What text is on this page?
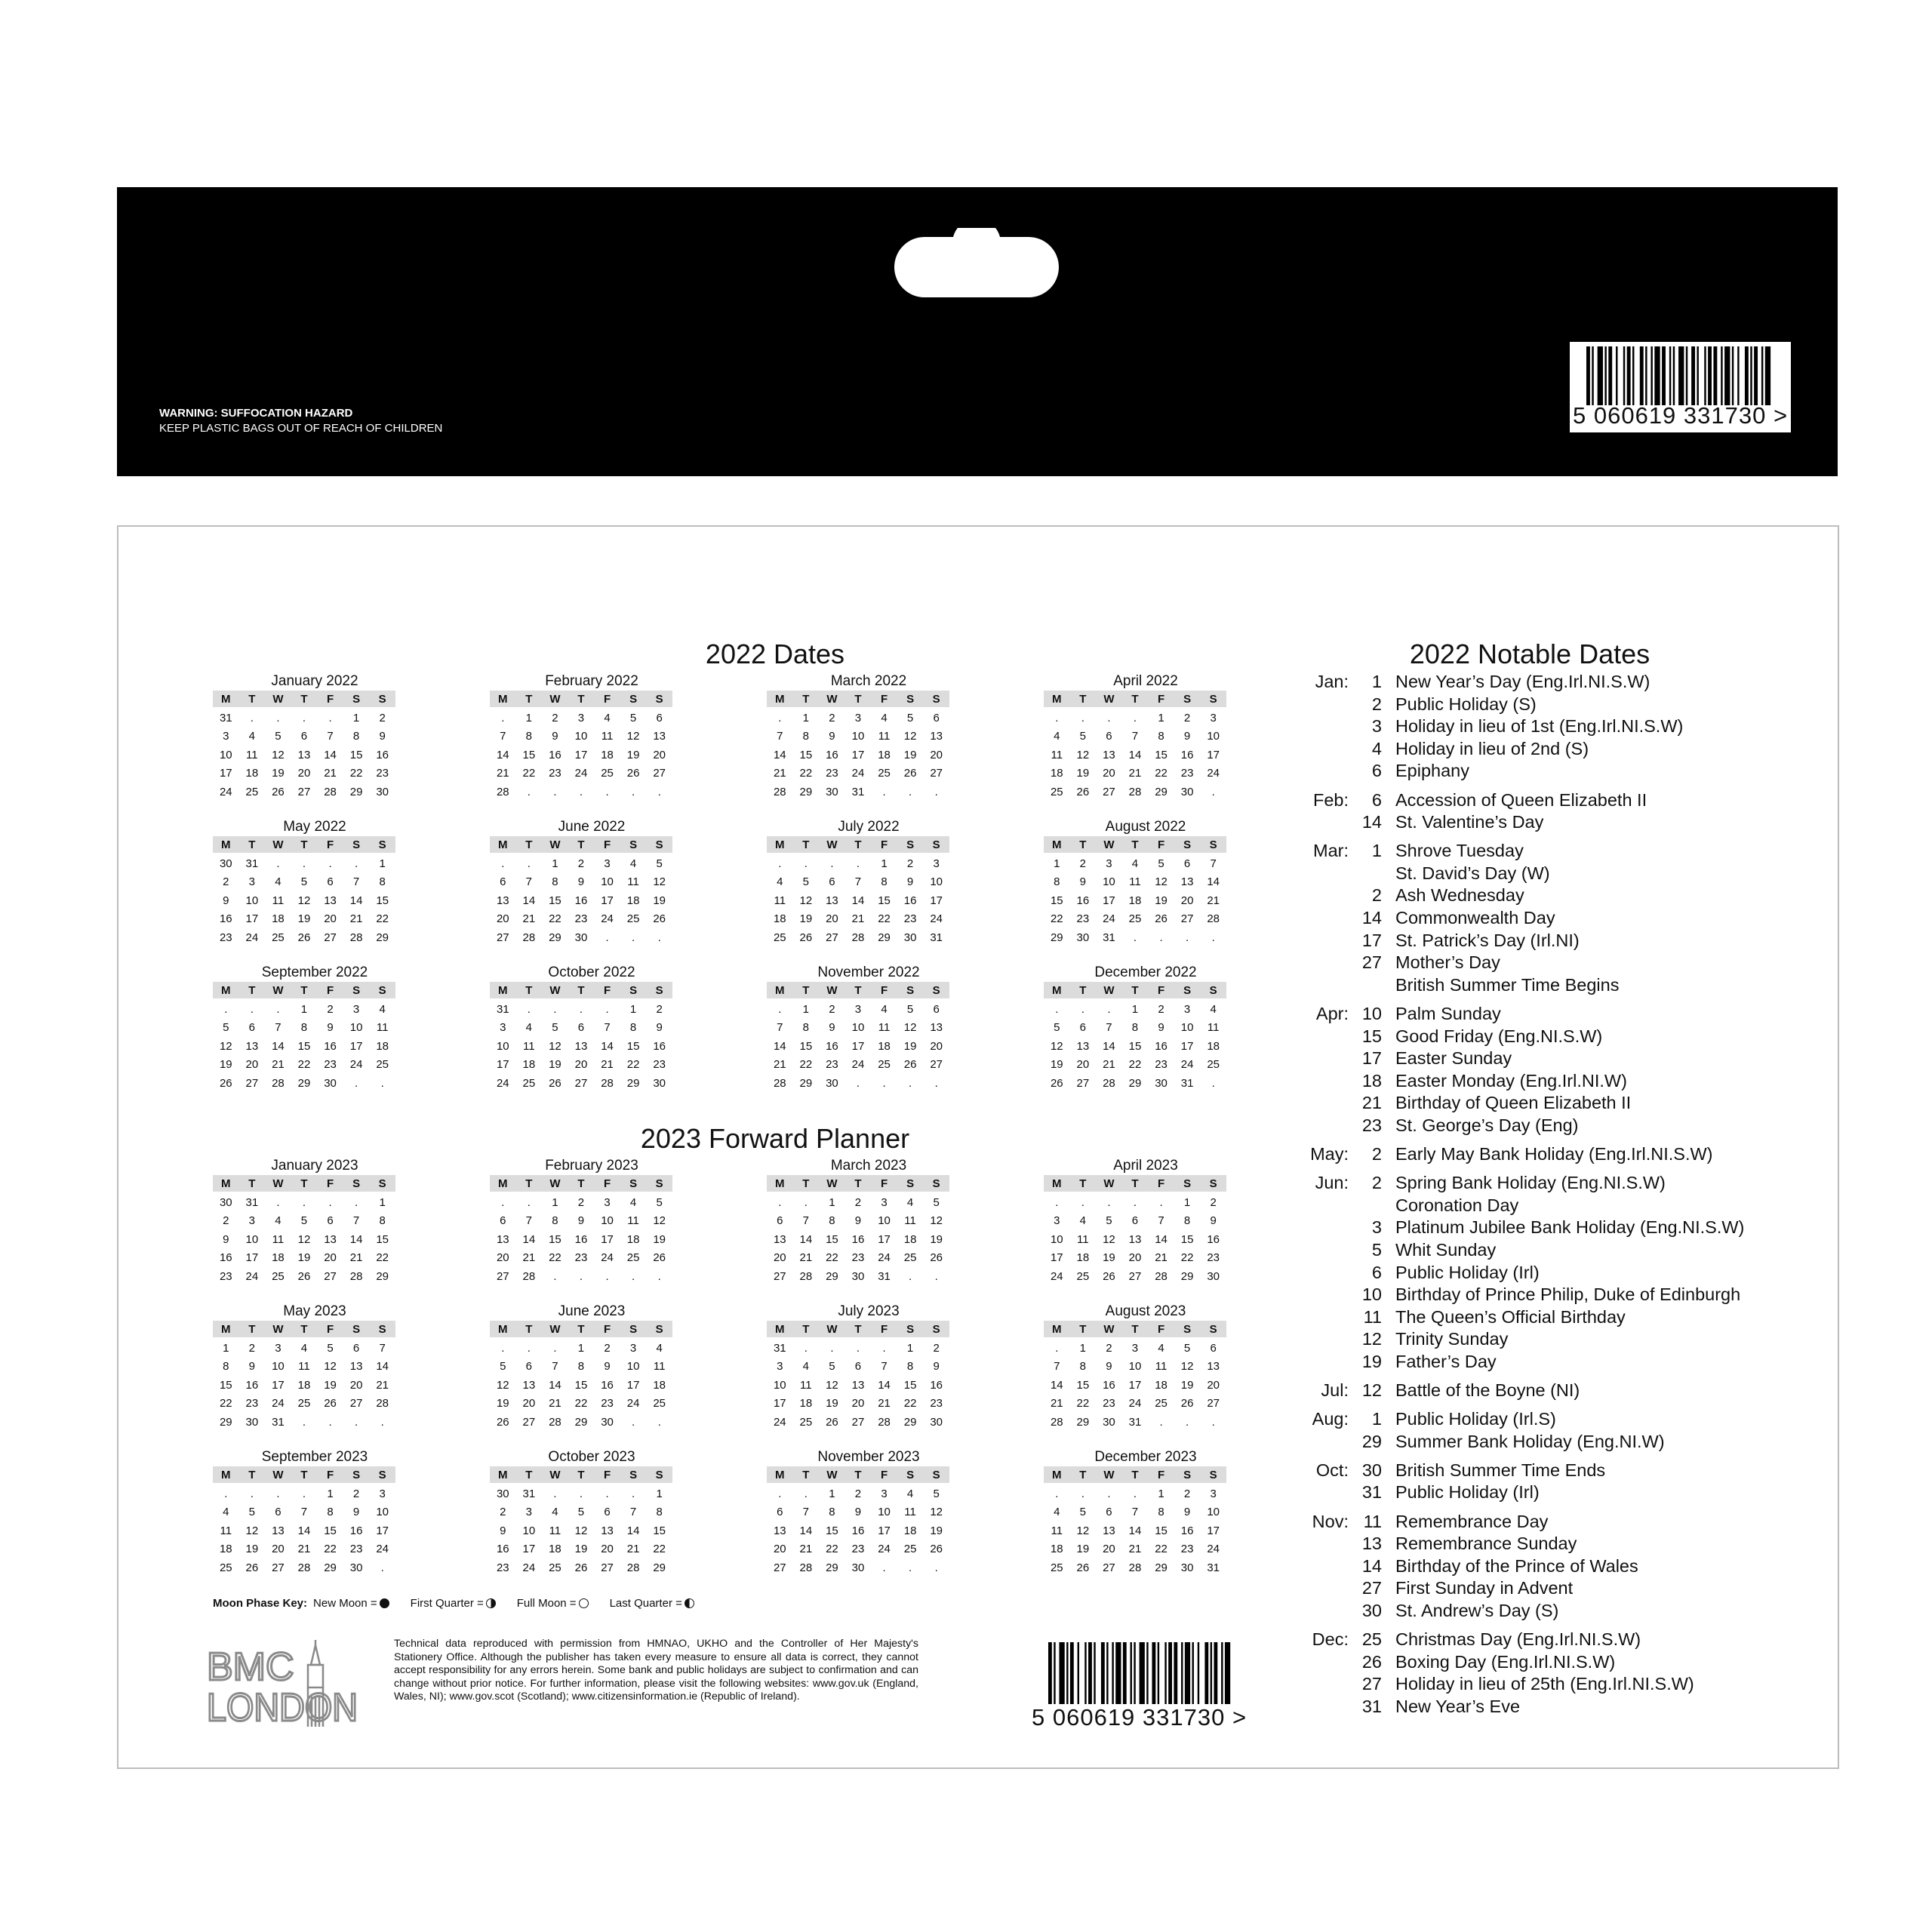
WARNING: SUFFOCATION HAZARD
KEEP PLASTIC BAGS OUT OF REACH OF CHILDREN	5 060619 331730 >
2022 Dates
January 2022
M	T	W	T	F	S	S
31	.	.	.	.	1	2
3	4	5	6	7	8	9
10	11	12	13	14	15	16
17	18	19	20	21	22	23
24	25	26	27	28	29	30
February 2022
M	T	W	T	F	S	S
.	1	2	3	4	5	6
7	8	9	10	11	12	13
14	15	16	17	18	19	20
21	22	23	24	25	26	27
28	.	.	.	.	.	.
March 2022
M	T	W	T	F	S	S
.	1	2	3	4	5	6
7	8	9	10	11	12	13
14	15	16	17	18	19	20
21	22	23	24	25	26	27
28	29	30	31	.	.	.
April 2022
M	T	W	T	F	S	S
.	.	.	.	1	2	3
4	5	6	7	8	9	10
11	12	13	14	15	16	17
18	19	20	21	22	23	24
25	26	27	28	29	30	.
May 2022
M	T	W	T	F	S	S
30	31	.	.	.	.	1
2	3	4	5	6	7	8
9	10	11	12	13	14	15
16	17	18	19	20	21	22
23	24	25	26	27	28	29
June 2022
M	T	W	T	F	S	S
.	.	1	2	3	4	5
6	7	8	9	10	11	12
13	14	15	16	17	18	19
20	21	22	23	24	25	26
27	28	29	30	.	.	.
July 2022
M	T	W	T	F	S	S
.	.	.	.	1	2	3
4	5	6	7	8	9	10
11	12	13	14	15	16	17
18	19	20	21	22	23	24
25	26	27	28	29	30	31
August 2022
M	T	W	T	F	S	S
1	2	3	4	5	6	7
8	9	10	11	12	13	14
15	16	17	18	19	20	21
22	23	24	25	26	27	28
29	30	31	.	.	.	.
September 2022
M	T	W	T	F	S	S
.	.	.	1	2	3	4
5	6	7	8	9	10	11
12	13	14	15	16	17	18
19	20	21	22	23	24	25
26	27	28	29	30	.	.
October 2022
M	T	W	T	F	S	S
31	.	.	.	.	1	2
3	4	5	6	7	8	9
10	11	12	13	14	15	16
17	18	19	20	21	22	23
24	25	26	27	28	29	30
November 2022
M	T	W	T	F	S	S
.	1	2	3	4	5	6
7	8	9	10	11	12	13
14	15	16	17	18	19	20
21	22	23	24	25	26	27
28	29	30	.	.	.	.
December 2022
M	T	W	T	F	S	S
.	.	.	1	2	3	4
5	6	7	8	9	10	11
12	13	14	15	16	17	18
19	20	21	22	23	24	25
26	27	28	29	30	31	.
2023 Forward Planner
January 2023
M	T	W	T	F	S	S
30	31	.	.	.	.	1
2	3	4	5	6	7	8
9	10	11	12	13	14	15
16	17	18	19	20	21	22
23	24	25	26	27	28	29
February 2023
M	T	W	T	F	S	S
.	.	1	2	3	4	5
6	7	8	9	10	11	12
13	14	15	16	17	18	19
20	21	22	23	24	25	26
27	28	.	.	.	.	.
March 2023
M	T	W	T	F	S	S
.	.	1	2	3	4	5
6	7	8	9	10	11	12
13	14	15	16	17	18	19
20	21	22	23	24	25	26
27	28	29	30	31	.	.
April 2023
M	T	W	T	F	S	S
.	.	.	.	.	1	2
3	4	5	6	7	8	9
10	11	12	13	14	15	16
17	18	19	20	21	22	23
24	25	26	27	28	29	30
May 2023
M	T	W	T	F	S	S
1	2	3	4	5	6	7
8	9	10	11	12	13	14
15	16	17	18	19	20	21
22	23	24	25	26	27	28
29	30	31	.	.	.	.
June 2023
M	T	W	T	F	S	S
.	.	.	1	2	3	4
5	6	7	8	9	10	11
12	13	14	15	16	17	18
19	20	21	22	23	24	25
26	27	28	29	30	.	.
July 2023
M	T	W	T	F	S	S
31	.	.	.	.	1	2
3	4	5	6	7	8	9
10	11	12	13	14	15	16
17	18	19	20	21	22	23
24	25	26	27	28	29	30
August 2023
M	T	W	T	F	S	S
.	1	2	3	4	5	6
7	8	9	10	11	12	13
14	15	16	17	18	19	20
21	22	23	24	25	26	27
28	29	30	31	.	.	.
September 2023
M	T	W	T	F	S	S
.	.	.	.	1	2	3
4	5	6	7	8	9	10
11	12	13	14	15	16	17
18	19	20	21	22	23	24
25	26	27	28	29	30	.
October 2023
M	T	W	T	F	S	S
30	31	.	.	.	.	1
2	3	4	5	6	7	8
9	10	11	12	13	14	15
16	17	18	19	20	21	22
23	24	25	26	27	28	29
November 2023
M	T	W	T	F	S	S
.	.	1	2	3	4	5
6	7	8	9	10	11	12
13	14	15	16	17	18	19
20	21	22	23	24	25	26
27	28	29	30	.	.	.
December 2023
M	T	W	T	F	S	S
.	.	.	.	1	2	3
4	5	6	7	8	9	10
11	12	13	14	15	16	17
18	19	20	21	22	23	24
25	26	27	28	29	30	31
Moon Phase Key: New Moon =	First Quarter =	Full Moon =	Last Quarter =
BMC
LONDON
Technical data reproduced with permission from HMNAO, UKHO and the Controller of Her Majesty's Stationery Office. Although the publisher has taken every measure to ensure all data is correct, they cannot accept responsibility for any errors herein. Some bank and public holidays are subject to confirmation and can change without prior notice. For further information, please visit the following websites: www.gov.uk (England, Wales, NI); www.gov.scot (Scotland); www.citizensinformation.ie (Republic of Ireland).
5 060619 331730 >
2022 Notable Dates
Jan:	1 New Year’s Day (Eng.Irl.NI.S.W)
2 Public Holiday (S)
3 Holiday in lieu of 1st (Eng.Irl.NI.S.W)
4 Holiday in lieu of 2nd (S)
6 Epiphany
Feb:	6 Accession of Queen Elizabeth II
14 St. Valentine’s Day
Mar:	1 Shrove Tuesday
St. David’s Day (W)
2 Ash Wednesday
14 Commonwealth Day
17 St. Patrick’s Day (Irl.NI)
27 Mother’s Day
British Summer Time Begins
Apr: 10 Palm Sunday
15 Good Friday (Eng.NI.S.W)
17 Easter Sunday
18 Easter Monday (Eng.Irl.NI.W)
21 Birthday of Queen Elizabeth II
23 St. George’s Day (Eng)
May:	2 Early May Bank Holiday (Eng.Irl.NI.S.W)
Jun:	2 Spring Bank Holiday (Eng.NI.S.W)
Coronation Day
3 Platinum Jubilee Bank Holiday (Eng.NI.S.W)
5 Whit Sunday
6 Public Holiday (Irl)
10 Birthday of Prince Philip, Duke of Edinburgh
11 The Queen’s Official Birthday
12 Trinity Sunday
19 Father’s Day
Jul: 12 Battle of the Boyne (NI)
Aug:	1 Public Holiday (Irl.S)
29 Summer Bank Holiday (Eng.NI.W)
Oct: 30 British Summer Time Ends
31 Public Holiday (Irl)
Nov: 11 Remembrance Day
13 Remembrance Sunday
14 Birthday of the Prince of Wales
27 First Sunday in Advent
30 St. Andrew’s Day (S)
Dec: 25 Christmas Day (Eng.Irl.NI.S.W)
26 Boxing Day (Eng.Irl.NI.S.W)
27 Holiday in lieu of 25th (Eng.Irl.NI.S.W)
31 New Year’s Eve
